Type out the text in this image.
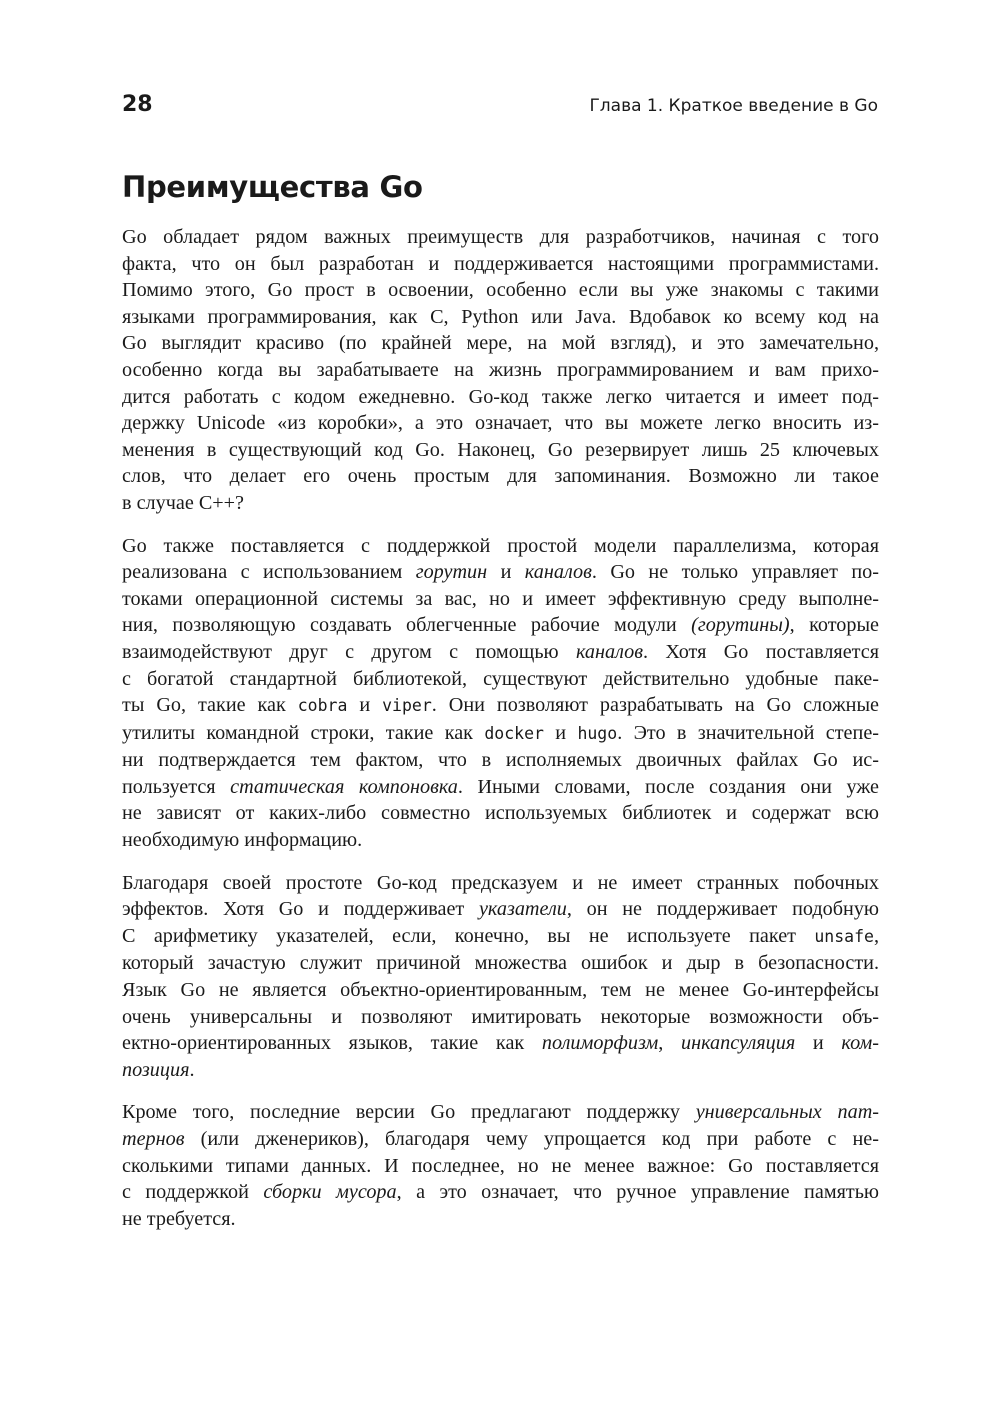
28	Глава 1. Краткое введение в Go
Преимущества Go
Go обладает рядом важных преимуществ для разработчиков, начиная с того
факта, что он был разработан и поддерживается настоящими программистами.
Помимо этого, Go прост в освоении, особенно если вы уже знакомы с такими
языками программирования, как C, Python или Java. Вдобавок ко всему код на
Go выглядит красиво (по крайней мере, на мой взгляд), и это замечательно,
особенно когда вы зарабатываете на жизнь программированием и вам прихо-
дится работать с кодом ежедневно. Go-код также легко читается и имеет под-
держку Unicode «из коробки», а это означает, что вы можете легко вносить из-
менения в существующий код Go. Наконец, Go резервирует лишь 25 ключевых
слов, что делает его очень простым для запоминания. Возможно ли такое
в случае C++?
Go также поставляется с поддержкой простой модели параллелизма, которая
реализована с использованием горутин и каналов. Go не только управляет по-
токами операционной системы за вас, но и имеет эффективную среду выполне-
ния, позволяющую создавать облегченные рабочие модули (горутины), которые
взаимодействуют друг с другом с помощью каналов. Хотя Go поставляется
с богатой стандартной библиотекой, существуют действительно удобные паке-
ты Go, такие как cobra и viper. Они позволяют разрабатывать на Go сложные
утилиты командной строки, такие как docker и hugo. Это в значительной степе-
ни подтверждается тем фактом, что в исполняемых двоичных файлах Go ис-
пользуется статическая компоновка. Иными словами, после создания они уже
не зависят от каких-либо совместно используемых библиотек и содержат всю
необходимую информацию.
Благодаря своей простоте Go-код предсказуем и не имеет странных побочных
эффектов. Хотя Go и поддерживает указатели, он не поддерживает подобную
C арифметику указателей, если, конечно, вы не используете пакет unsafe,
который зачастую служит причиной множества ошибок и дыр в безопасности.
Язык Go не является объектно-ориентированным, тем не менее Go-интерфейсы
очень универсальны и позволяют имитировать некоторые возможности объ-
ектно-ориентированных языков, такие как полиморфизм, инкапсуляция и ком-
позиция.
Кроме того, последние версии Go предлагают поддержку универсальных пат-
тернов (или дженериков), благодаря чему упрощается код при работе с не-
сколькими типами данных. И последнее, но не менее важное: Go поставляется
с поддержкой сборки мусора, а это означает, что ручное управление памятью
не требуется.
